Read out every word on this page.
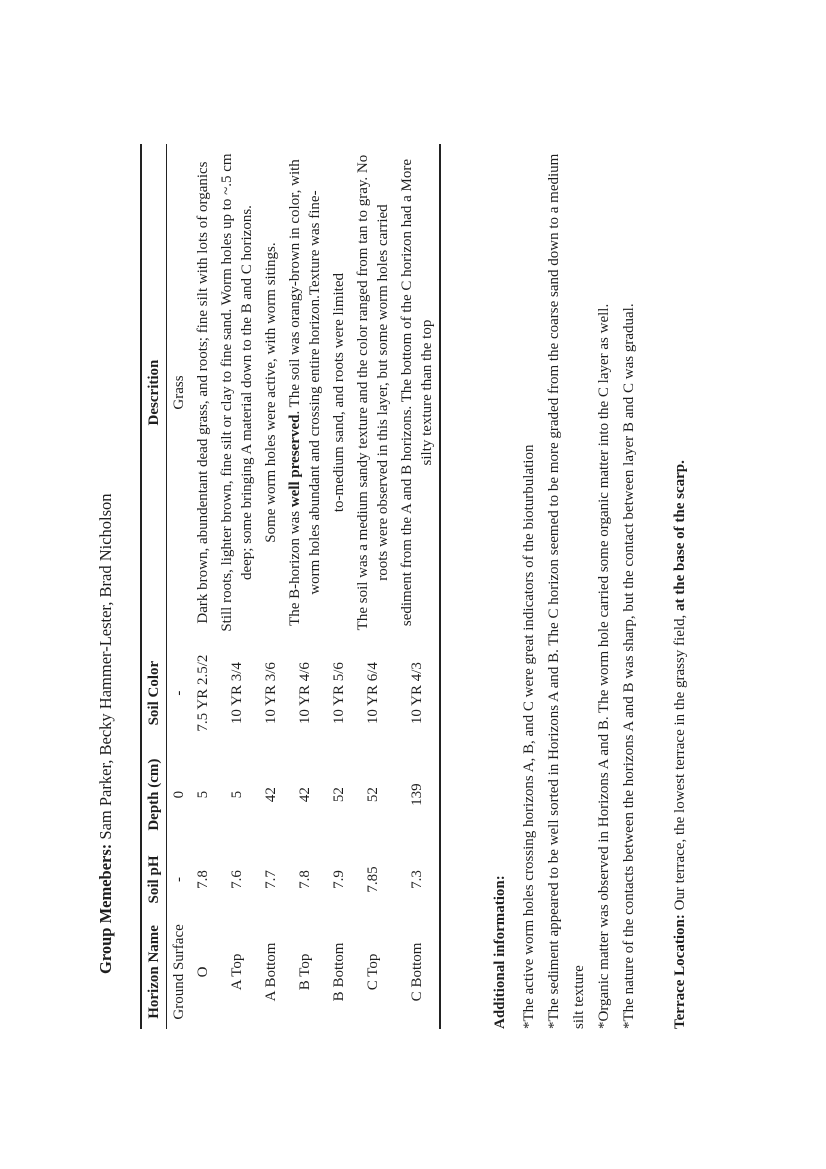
Group Memebers: Sam Parker, Becky Hammer-Lester, Brad Nicholson
Horizon Name	Soil pH	Depth (cm)	Soil Color	Descrition
Ground Surface	-	0	-	Grass
O	7.8	5	7.5 YR 2.5/2	Dark brown, abundentant dead grass, and roots; fine silt with lots of organics
A Top	7.6	5	10 YR 3/4	Still roots, lighter brown, fine silt or clay to fine sand. Worm holes up to ~.5 cm deep; some bringing A material down to the B and C horizons.
A Bottom	7.7	42	10 YR 3/6	Some worm holes were active, with worm sitings.
B Top	7.8	42	10 YR 4/6	The B-horizon was well preserved. The soil was orangy-brown in color, with worm holes abundant and crossing entire horizon.Texture was fine-
B Bottom	7.9	52	10 YR 5/6	to-medium sand, and roots were limited
C Top	7.85	52	10 YR 6/4	The soil was a medium sandy texture and the color ranged from tan to gray. No roots were observed in this layer, but some worm holes carried
C Bottom	7.3	139	10 YR 4/3	sediment from the A and B horizons. The bottom of the C horizon had a More silty texture than the top
Additional information: *The active worm holes crossing horizons A, B, and C were great indicators of the bioturbulation *The sediment appeared to be well sorted in Horizons A and B. The C horizon seemed to be more graded from the coarse sand down to a medium silt texture *Organic matter was observed in Horizons A and B. The worm hole carried some organic matter into the C layer as well. *The nature of the contacts between the horizons A and B was sharp, but the contact between layer B and C was gradual.	Terrace Location: Our terrace, the lowest terrace in the grassy field, at the base of the scarp.
